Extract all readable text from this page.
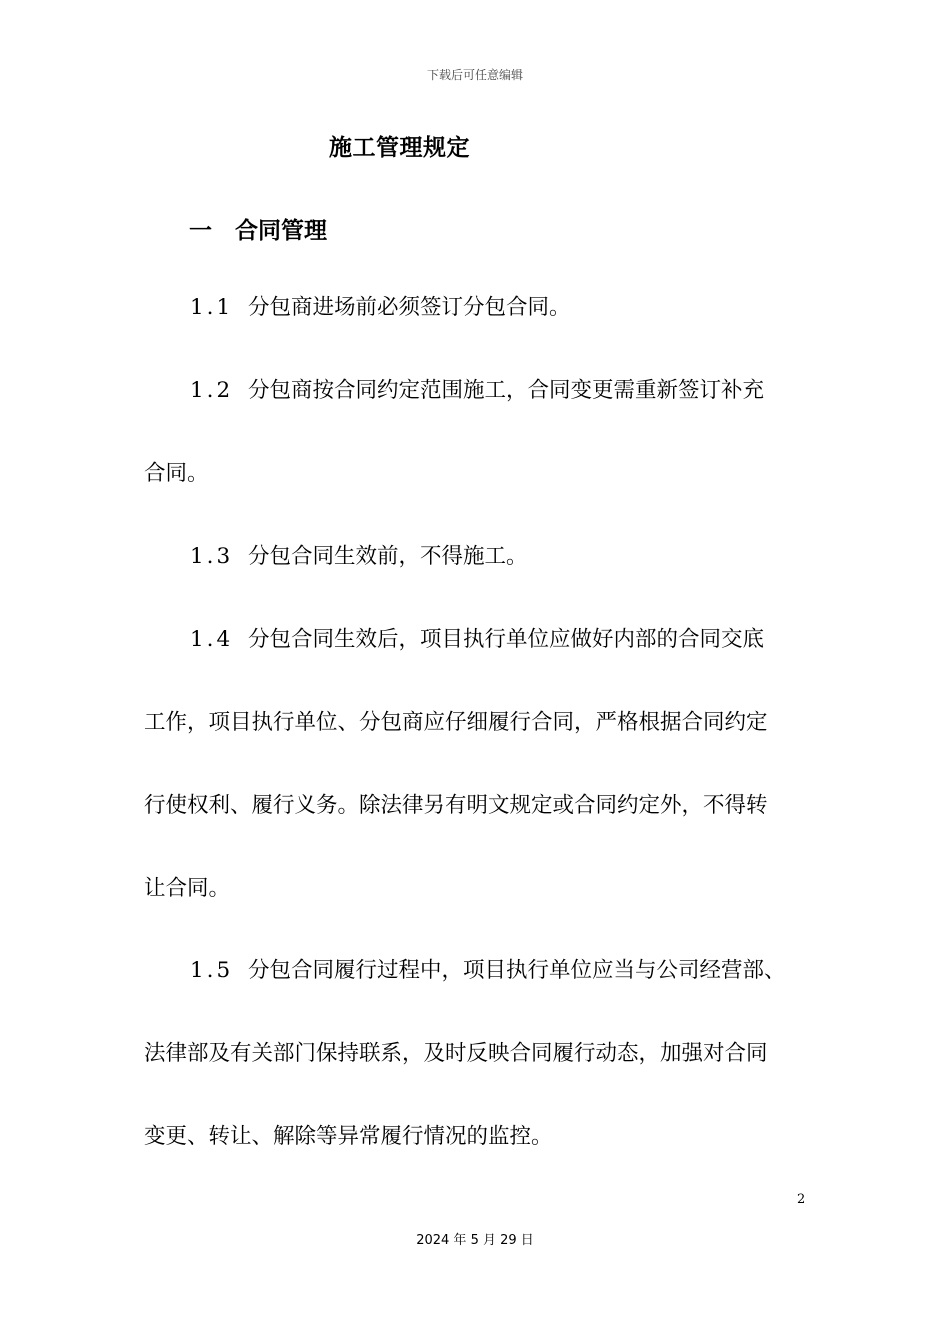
下载后可任意编辑
施工管理规定
一 合同管理
1.1 分包商进场前必须签订分包合同。
1.2 分包商按合同约定范围施工，合同变更需重新签订补充
合同。
1.3 分包合同生效前，不得施工。
1.4 分包合同生效后，项目执行单位应做好内部的合同交底
工作，项目执行单位、分包商应仔细履行合同，严格根据合同约定
行使权利、履行义务。除法律另有明文规定或合同约定外，不得转
让合同。
1.5 分包合同履行过程中，项目执行单位应当与公司经营部、
法律部及有关部门保持联系，及时反映合同履行动态，加强对合同
变更、转让、解除等异常履行情况的监控。
2
2024 年 5 月 29 日
